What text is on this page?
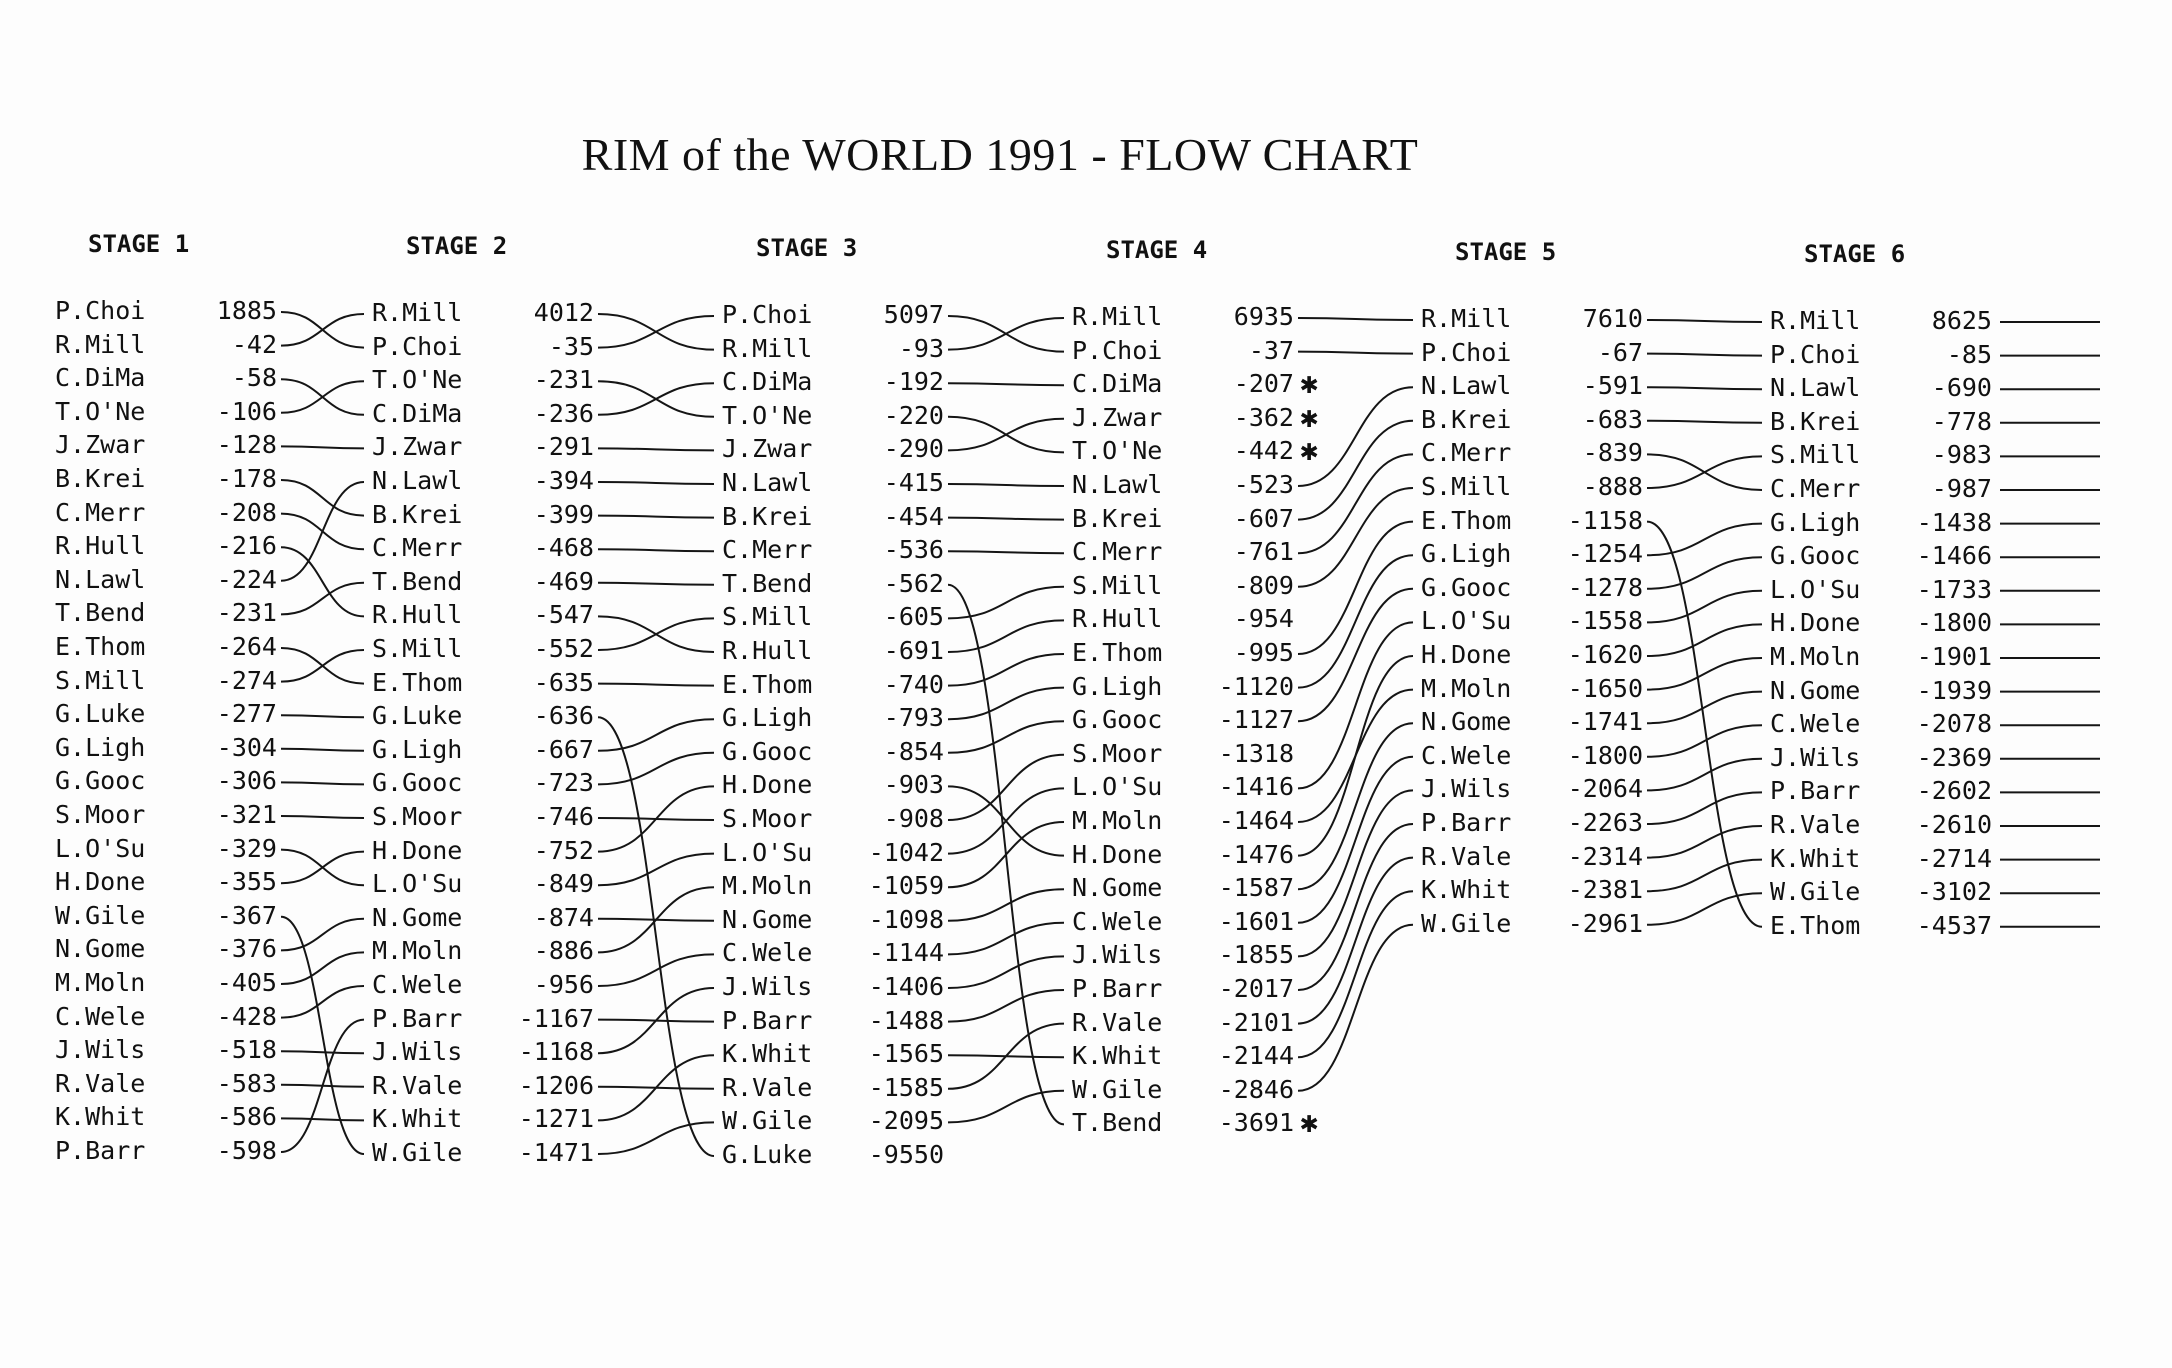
RIM of the WORLD 1991 - FLOW CHART
STAGE 1
P.Choi	1885
R.Mill	-42
C.DiMa	-58
T.O'Ne	-106
J.Zwar	-128
B.Krei	-178
C.Merr	-208
R.Hull	-216
N.Lawl	-224
T.Bend	-231
E.Thom	-264
S.Mill	-274
G.Luke	-277
G.Ligh	-304
G.Gooc	-306
S.Moor	-321
L.O'Su	-329
H.Done	-355
W.Gile	-367
N.Gome	-376
M.Moln	-405
C.Wele	-428
J.Wils	-518
R.Vale	-583
K.Whit	-586
P.Barr	-598
STAGE 2
R.Mill	4012
P.Choi	-35
T.O'Ne	-231
C.DiMa	-236
J.Zwar	-291
N.Lawl	-394
B.Krei	-399
C.Merr	-468
T.Bend	-469
R.Hull	-547
S.Mill	-552
E.Thom	-635
G.Luke	-636
G.Ligh	-667
G.Gooc	-723
S.Moor	-746
H.Done	-752
L.O'Su	-849
N.Gome	-874
M.Moln	-886
C.Wele	-956
P.Barr -1167
J.Wils -1168
R.Vale -1206
K.Whit -1271
W.Gile -1471
STAGE 3
P.Choi	5097
R.Mill	-93
C.DiMa	-192
T.O'Ne	-220
J.Zwar	-290
N.Lawl	-415
B.Krei	-454
C.Merr	-536
T.Bend	-562
S.Mill	-605
R.Hull	-691
E.Thom	-740
G.Ligh	-793
G.Gooc	-854
H.Done	-903
S.Moor	-908
L.O'Su -1042
M.Moln -1059
N.Gome -1098
C.Wele -1144
J.Wils -1406
P.Barr -1488
K.Whit -1565
R.Vale -1585
W.Gile -2095
G.Luke -9550
STAGE 4
R.Mill	6935
P.Choi	-37
C.DiMa	-207 ✱
J.Zwar	-362 ✱
T.O'Ne	-442 ✱
N.Lawl	-523
B.Krei	-607
C.Merr	-761
S.Mill	-809
R.Hull	-954
E.Thom	-995
G.Ligh -1120
G.Gooc -1127
S.Moor -1318
L.O'Su -1416
M.Moln -1464
H.Done -1476
N.Gome -1587
C.Wele -1601
J.Wils -1855
P.Barr -2017
R.Vale -2101
K.Whit -2144
W.Gile -2846
T.Bend -3691 ✱
STAGE 5
R.Mill	7610
P.Choi	-67
N.Lawl	-591
B.Krei	-683
C.Merr	-839
S.Mill	-888
E.Thom -1158
G.Ligh -1254
G.Gooc -1278
L.O'Su -1558
H.Done -1620
M.Moln -1650
N.Gome -1741
C.Wele -1800
J.Wils -2064
P.Barr -2263
R.Vale -2314
K.Whit -2381
W.Gile -2961
STAGE 6
R.Mill	8625
P.Choi	-85
N.Lawl	-690
B.Krei	-778
S.Mill	-983
C.Merr	-987
G.Ligh -1438
G.Gooc -1466
L.O'Su -1733
H.Done -1800
M.Moln -1901
N.Gome -1939
C.Wele -2078
J.Wils -2369
P.Barr -2602
R.Vale -2610
K.Whit -2714
W.Gile -3102
E.Thom -4537
